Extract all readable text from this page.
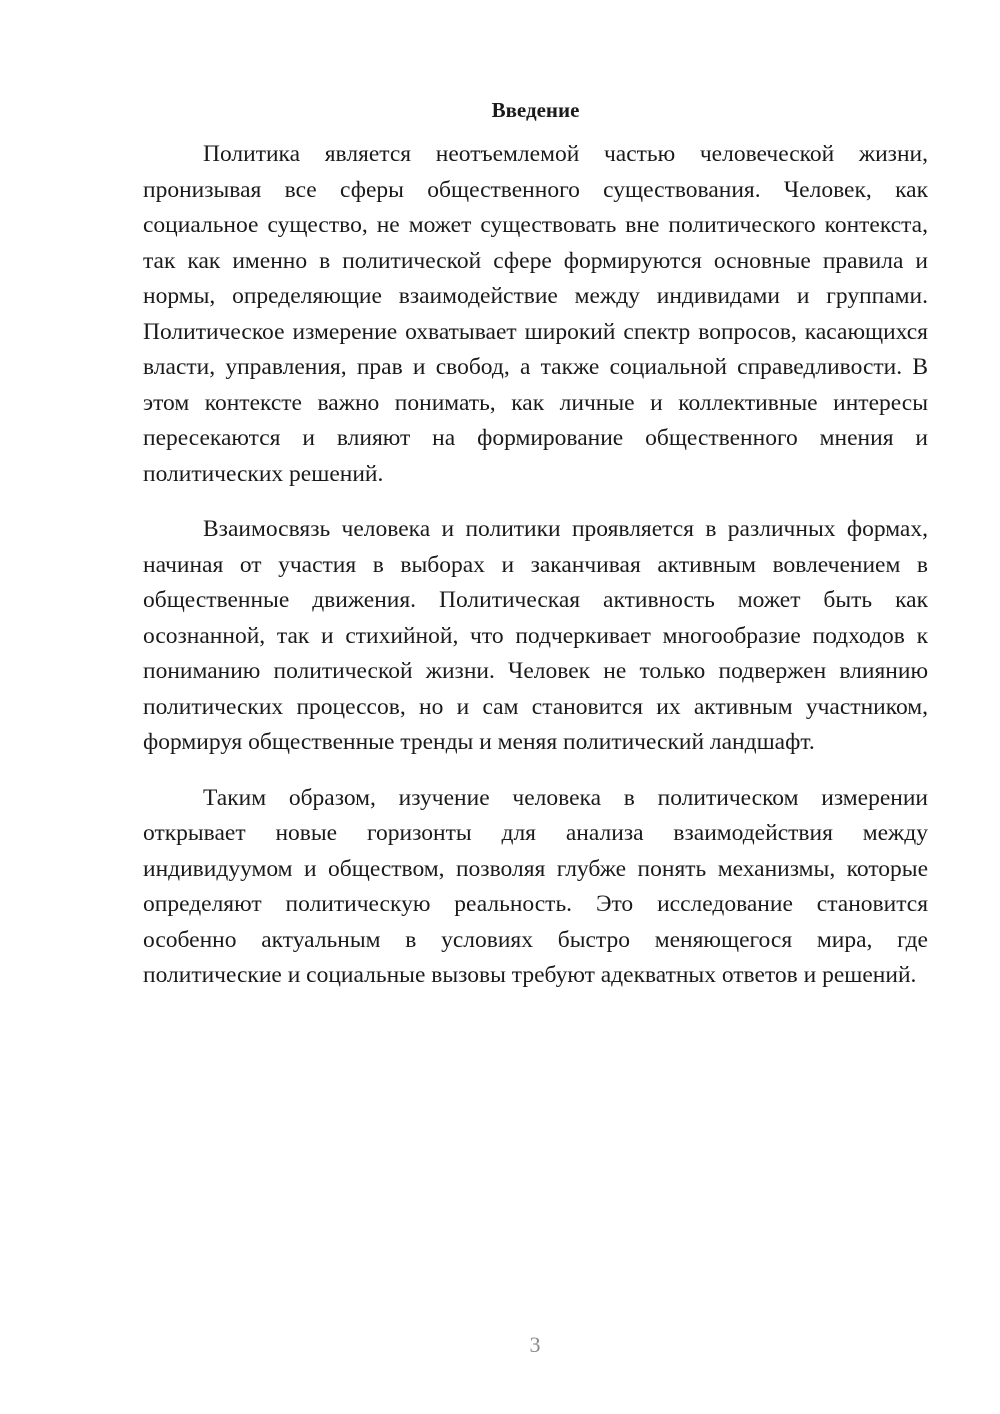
Введение

Политика является неотъемлемой частью человеческой жизни, пронизывая все сферы общественного существования. Человек, как социальное существо, не может существовать вне политического контекста, так как именно в политической сфере формируются основные правила и нормы, определяющие взаимодействие между индивидами и группами. Политическое измерение охватывает широкий спектр вопросов, касающихся власти, управления, прав и свобод, а также социальной справедливости. В этом контексте важно понимать, как личные и коллективные интересы пересекаются и влияют на формирование общественного мнения и политических решений.

Взаимосвязь человека и политики проявляется в различных формах, начиная от участия в выборах и заканчивая активным вовлечением в общественные движения. Политическая активность может быть как осознанной, так и стихийной, что подчеркивает многообразие подходов к пониманию политической жизни. Человек не только подвержен влиянию политических процессов, но и сам становится их активным участником, формируя общественные тренды и меняя политический ландшафт.

Таким образом, изучение человека в политическом измерении открывает новые горизонты для анализа взаимодействия между индивидуумом и обществом, позволяя глубже понять механизмы, которые определяют политическую реальность. Это исследование становится особенно актуальным в условиях быстро меняющегося мира, где политические и социальные вызовы требуют адекватных ответов и решений.

3
